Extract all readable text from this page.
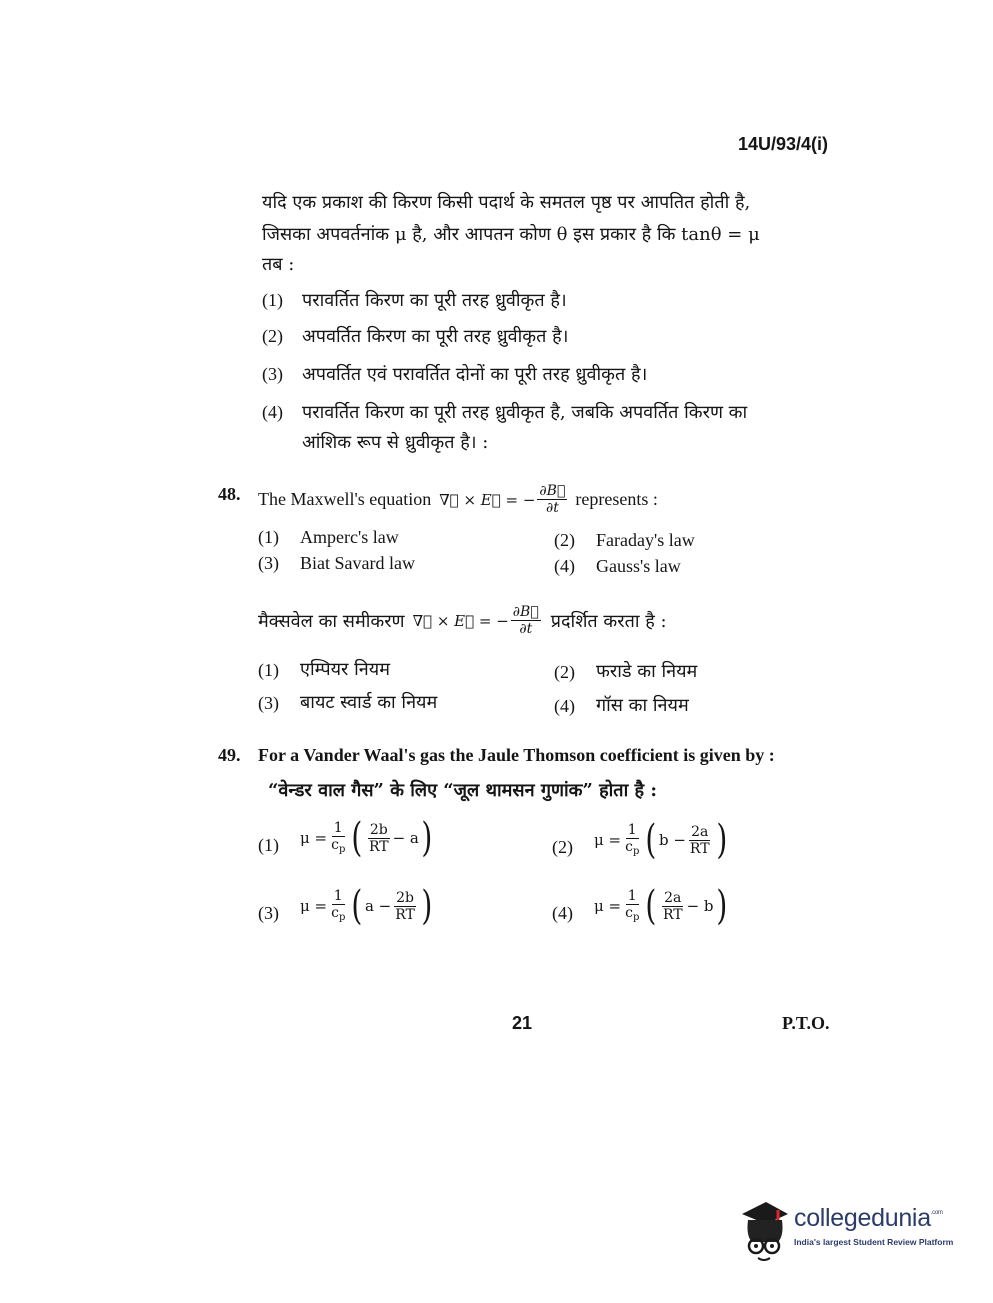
14U/93/4(i)
यदि एक प्रकाश की किरण किसी पदार्थ के समतल पृष्ठ पर आपतित होती है,
जिसका अपवर्तनांक μ है, और आपतन कोण θ इस प्रकार है कि tanθ = μ
तब :
(1) परावर्तित किरण का पूरी तरह ध्रुवीकृत है।
(2) अपवर्तित किरण का पूरी तरह ध्रुवीकृत है।
(3) अपवर्तित एवं परावर्तित दोनों का पूरी तरह ध्रुवीकृत है।
(4) परावर्तित किरण का पूरी तरह ध्रुवीकृत है, जबकि अपवर्तित किरण का
आंशिक रूप से ध्रुवीकृत है। :
48. The Maxwell's equation ∇⃗ × E⃗ = − $\frac{\partial B⃗}{\partial t}$ represents :
(1) Amperc's law	(2) Faraday's law
(3) Biat Savard law	(4) Gauss's law
मैक्सवेल का समीकरण ∇⃗ × E⃗ = − $\frac{\partial B⃗}{\partial t}$ प्रदर्शित करता है :
(1) एम्पियर नियम	(2) फराडे का नियम
(3) बायट स्वार्ड का नियम	(4) गॉस का नियम
49. For a Vander Waal's gas the Jaule Thomson coefficient is given by :
“वेन्डर वाल गैस” के लिए “जूल थामसन गुणांक” होता है :
(1) $\mu = \frac{1}{c_p}$ ( $\frac{2b}{RT} - a$ )	(2) $\mu = \frac{1}{c_p}$ ( $b - \frac{2a}{RT}$ )
(3) $\mu = \frac{1}{c_p}$ ( $a - \frac{2b}{RT}$ )	(4) $\mu = \frac{1}{c_p}$ ( $\frac{2a}{RT} - b$ )
21	P.T.O.
collegedunia$^{.com}$
India's largest Student Review Platform
